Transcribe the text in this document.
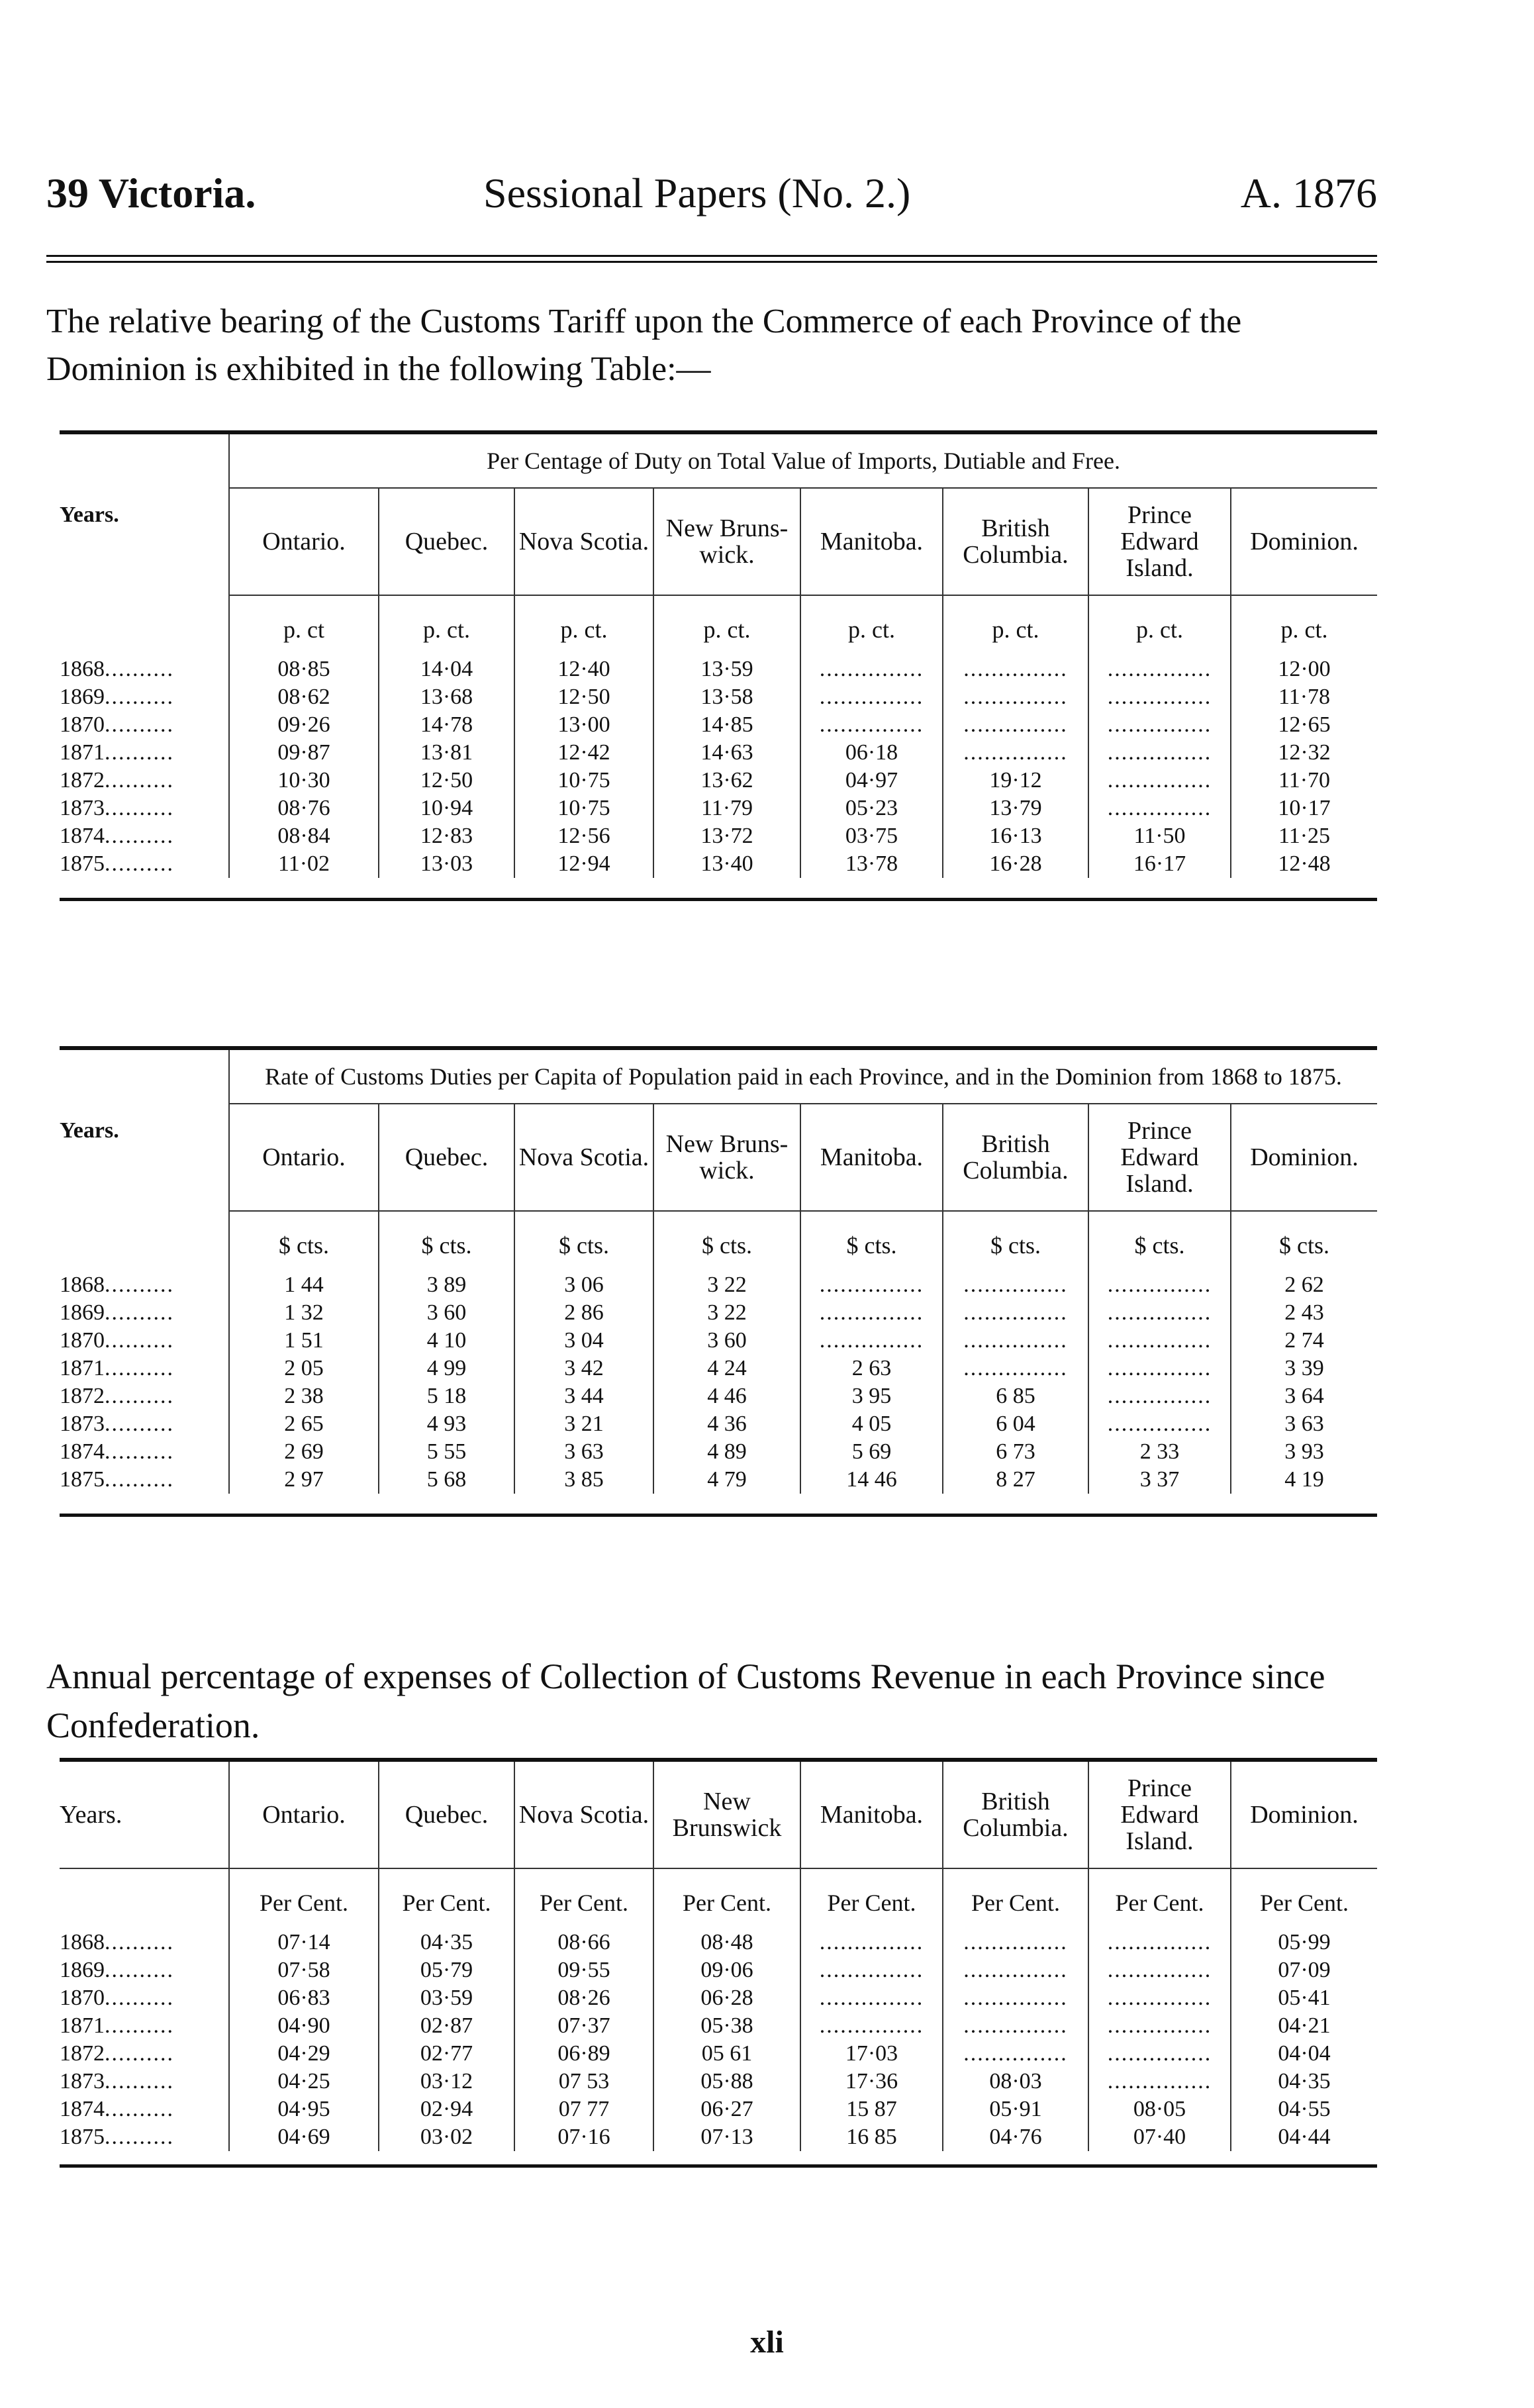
39 Victoria.	Sessional Papers (No. 2.)	A. 1876
The relative bearing of the Customs Tariff upon the Commerce of each Province of the Dominion is exhibited in the following Table:—
Years.	Per Centage of Duty on Total Value of Imports, Dutiable and Free.							
	Ontario.	Quebec.	Nova Scotia.	New Bruns-wick.	Manitoba.	British Columbia.	Prince Edward Island.	Dominion.
	p. ct	p. ct.	p. ct.	p. ct.	p. ct.	p. ct.	p. ct.	p. ct.
1868..........	08·85	14·04	12·40	13·59	...............	...............	...............	12·00
1869..........	08·62	13·68	12·50	13·58	...............	...............	...............	11·78
1870..........	09·26	14·78	13·00	14·85	...............	...............	...............	12·65
1871..........	09·87	13·81	12·42	14·63	06·18	...............	...............	12·32
1872..........	10·30	12·50	10·75	13·62	04·97	19·12	...............	11·70
1873..........	08·76	10·94	10·75	11·79	05·23	13·79	...............	10·17
1874..........	08·84	12·83	12·56	13·72	03·75	16·13	11·50	11·25
1875..........	11·02	13·03	12·94	13·40	13·78	16·28	16·17	12·48

Years.	Rate of Customs Duties per Capita of Population paid in each Province, and in the Dominion from 1868 to 1875.							
	Ontario.	Quebec.	Nova Scotia.	New Bruns-wick.	Manitoba.	British Columbia.	Prince Edward Island.	Dominion.
	$ cts.	$ cts.	$ cts.	$ cts.	$ cts.	$ cts.	$ cts.	$ cts.
1868..........	1 44	3 89	3 06	3 22	...............	...............	...............	2 62
1869..........	1 32	3 60	2 86	3 22	...............	...............	...............	2 43
1870..........	1 51	4 10	3 04	3 60	...............	...............	...............	2 74
1871..........	2 05	4 99	3 42	4 24	2 63	...............	...............	3 39
1872..........	2 38	5 18	3 44	4 46	3 95	6 85	...............	3 64
1873..........	2 65	4 93	3 21	4 36	4 05	6 04	...............	3 63
1874..........	2 69	5 55	3 63	4 89	5 69	6 73	2 33	3 93
1875..........	2 97	5 68	3 85	4 79	14 46	8 27	3 37	4 19

Annual percentage of expenses of Collection of Customs Revenue in each Province since Confederation.
Years.	Ontario.	Quebec.	Nova Scotia.	New Brunswick	Manitoba.	British Columbia.	Prince Edward Island.	Dominion.
	Per Cent.	Per Cent.	Per Cent.	Per Cent.	Per Cent.	Per Cent.	Per Cent.	Per Cent.
1868..........	07·14	04·35	08·66	08·48	...............	...............	...............	05·99
1869..........	07·58	05·79	09·55	09·06	...............	...............	...............	07·09
1870..........	06·83	03·59	08·26	06·28	...............	...............	...............	05·41
1871..........	04·90	02·87	07·37	05·38	...............	...............	...............	04·21
1872..........	04·29	02·77	06·89	05 61	17·03	...............	...............	04·04
1873..........	04·25	03·12	07 53	05·88	17·36	08·03	...............	04·35
1874..........	04·95	02·94	07 77	06·27	15 87	05·91	08·05	04·55
1875..........	04·69	03·02	07·16	07·13	16 85	04·76	07·40	04·44

xli
